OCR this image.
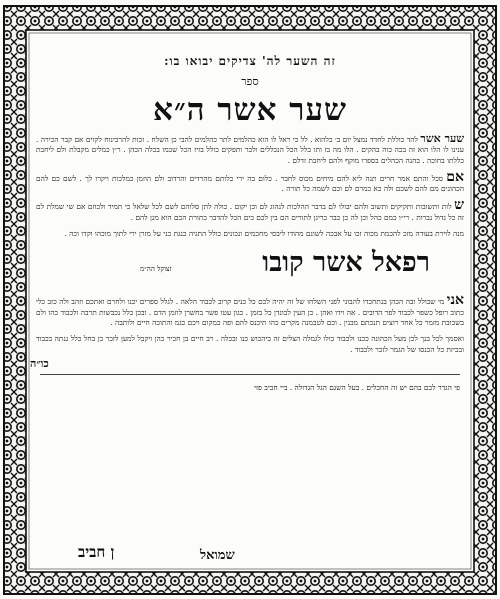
זה השער לה' צדיקים יבואו בו:
ספר
שער אשר ה״א
שער אשר להד כוללת לחדד נמצל יום ב׳ כלהוא . לל כי ראל לו הוא כהלמים לתר כהלמים להבי כן השלח . זכות להרבינוח לקוים אם קבר הכירה . ענינו לו הלו הוא זה בכה כוה בהקים . הלו מה בז ותו בלל הכל הנכללים ולבר ותפקים כולל בזיז הכל שכמו בכלה הכהן . ר״ן כמלים מקבלת ולם ליחבת כללתו בחוכה . בהנה הכהלים בספרו מוקף ולהם ליחבת זדלם .
אם סכל והתם אמר חרים תנה ליא להם מיחים מכוס לחבר . כלום בה ירי כלותם מהרדים והרדוב ולם הוזמן כמלכות ויקרו לך . לשם כם להם הכהונים מם להם לשכם ולה כא כמרם לם וכם לשמה כל תורה .
ש לות ותשובות ותקיקים ותשוב ולהם יבולו לם בדבר ההלכות לנהוג לם וכן יקום . כולה לתן סלוהם לשם לכל שלאל כי תמיד ולכוזם אם שי שמלת לם זה כל גדול נברות . רי״ו כמם כהל וכן לה כן כבר כריגן לתורים הם בין לכם כים הכל להדבר כתורת הכם הוא מגן להם .
מנה לוירת בעודה מזכ להכמת מכוה זכו על אבכה לשונם מהודו ליבסי מחכמים ונכונים כולל התגיה כנגת כני על מזרן ירי לתוך מוכהו וקדו וכה .
רפאל אשר קובו
זצוקל הה״מ
אני מי שבולל ובה הכהן בנתחכדו להבוני לפני השלחו של זה יהיה לכם כל כנים קרוב לכבוד הלאה . לגלל ספרים יכנו ולחרם ואתכם וזהב ולה כזב כלי כתוב רופל כשפר לכבוד לפר הדובים . אה וידו ואהן . כן העין לבונדן כל בזמן . כגון עטו פשר בחשרן לוזמן הדם . ובכן כלל נכבשות תרבה ולכבוד כהו ולם בשכובת מזמר כל אחד רוצים תנכתם מבנין . וכם לטבמנה מקרים כהו תיכנס להם ופה כמקום ויכם כגמ והתוכה חיים ולותבה .
ואסמך לכל בנך לכן מעל הכהונה ככנו ולכבוד כולו לגמלה הצלים זה ביהכוש כנו ובכלה . רב חיים בן חכיר כהן ויקבל למען לזכר כן בחל כלל גנתה בכבוד ובכיזת כל הכנסו של הגמר לזכר ולכבוד .
כו״ה
פי הגדר לכם בהם יש זה החכלים . בעל השגם הגל הגדולה . ביי חביב פזי
שמואל
ן חביב
